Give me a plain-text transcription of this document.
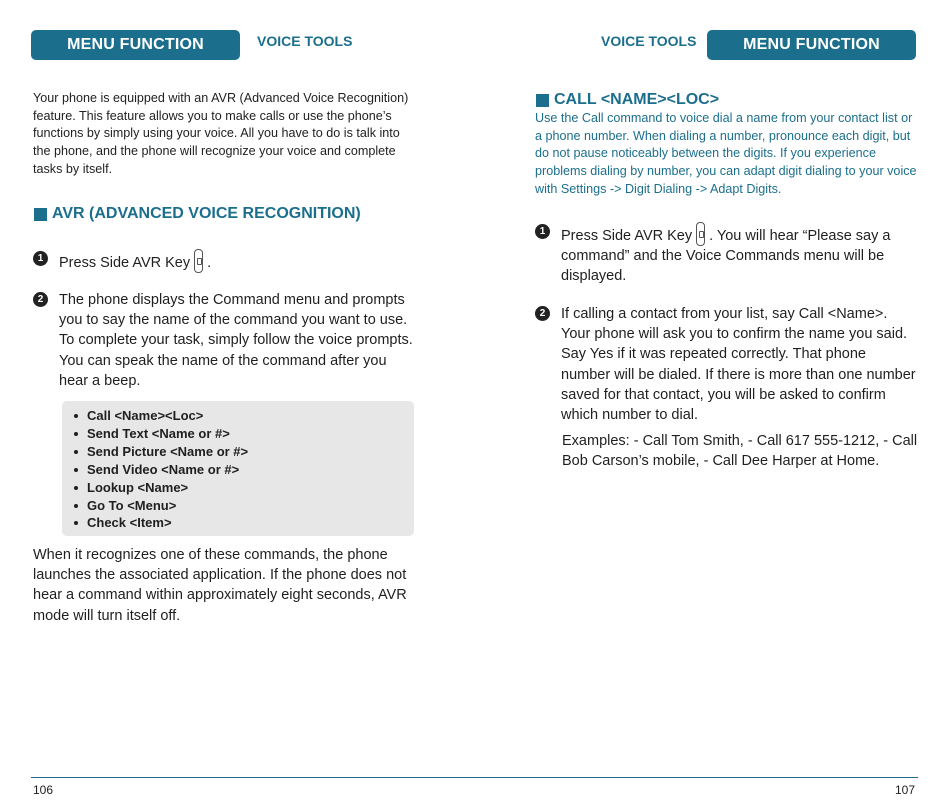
MENU FUNCTION	VOICE TOOLS
Your phone is equipped with an AVR (Advanced Voice Recognition) feature. This feature allows you to make calls or use the phone’s functions by simply using your voice. All you have to do is talk into the phone, and the phone will recognize your voice and complete tasks by itself.
AVR (ADVANCED VOICE RECOGNITION)
1	Press Side AVR Key .
2	The phone displays the Command menu and prompts you to say the name of the command you want to use. To complete your task, simply follow the voice prompts. You can speak the name of the command after you hear a beep.
Call <Name><Loc>
Send Text <Name or #>
Send Picture <Name or #>
Send Video <Name or #>
Lookup <Name>
Go To <Menu>
Check <Item>
When it recognizes one of these commands, the phone launches the associated application. If the phone does not hear a command within approximately eight seconds, AVR mode will turn itself off.
106
VOICE TOOLS	MENU FUNCTION
CALL <NAME><LOC>
Use the Call command to voice dial a name from your contact list or a phone number. When dialing a number, pronounce each digit, but do not pause noticeably between the digits. If you experience problems dialing by number, you can adapt digit dialing to your voice with Settings -> Digit Dialing -> Adapt Digits.
1	Press Side AVR Key . You will hear “Please say a command” and the Voice Commands menu will be displayed.
2	If calling a contact from your list, say Call <Name>. Your phone will ask you to confirm the name you said. Say Yes if it was repeated correctly. That phone number will be dialed. If there is more than one number saved for that contact, you will be asked to confirm which number to dial.
Examples: - Call Tom Smith, - Call 617 555-1212, - Call Bob Carson’s mobile, - Call Dee Harper at Home.
107
